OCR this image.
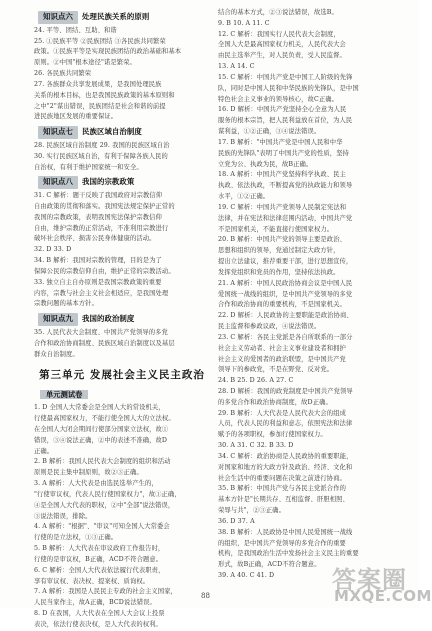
知识点六	处理民族关系的原则
24. 平等、团结、互助、和谐
25. ①民族平等 ②民族团结 ③各民族共同繁荣
政策。①民族平等是实现民族团结的政治基础和基本
原则。②中国"根本途径"诺是繁荣。
26. 各民族共同繁荣
27. 各族群众共享发展成果，是我国处理民族
关系的根本目标，也是我国民族政策的基本原则和
之中"2"谋出错误，民族团结是社会和谐的前提
进民族地区发展的重要保证。
知识点七	民族区域自治制度
28. 民族区域自治制度 29. 我国的民族区域自治
30. 实行民族区域自治，有利于保障各族人民的
自治权，有利于维护国家统一和安全。
知识点八	我国的宗教政策
31. C 解析：题干反映了我国政府对宗教信仰
自由政策的贯彻和落实。我国宪法规定保护正常的
我国的宗教政策，表明我国宪法保护宗教信仰
自由，维护宗教的正常活动，不准利用宗教进行
破坏社会秩序、损害公民身体健康的活动。
32. D 33. D
34. B 解析：我国对宗教的管理，目的是为了
保障公民的宗教信仰自由，维护正常的宗教活动。
33. 独立自主自办原则是我国宗教政策的重要
内容，宗教与社会主义社会相适应，是我国处理
宗教问题的基本方针。
知识点九	我国的政治制度
35. 人民代表大会制度、中国共产党领导的多党
合作和政治协商制度、民族区域自治制度以及基层
群众自治制度。
第三单元 发展社会主义民主政治
单元测试卷
1. D 全国人大常委会是全国人大的常设机关，
行使最高国家权力，不能行使全国人大的立法权。
在全国人大闭会期间行使部分国家立法权，故①
错误，③④说法正确，②中的表述不准确，故D
正确。
2. B 解析：我国人民代表大会制度的组织和活动
原则是民主集中制原则，故②③正确。
3. A 解析：人大代表是由选民选举产生的，
"行使审议权，代表人民行使国家权力"，故①正确，
④是全国人大代表的职权，②中"全部"说法错误，
③说法错误，排除。
4. A 解析："根据"、"审议"可知全国人大常委会
行使的是立法权，①③正确。
5. B 解析：人大代表在审议政府工作报告时，
行使的是审议权，B正确，ACD不符合题意。
6. C 解析：全国人大代表依法履行代表职责，
享有审议权、表决权、提案权、质询权。
7. A 解析：我国是人民民主专政的社会主义国家，
人民当家作主，故A正确，BCD说法错误。
8. D 在我国，人大代表在全国人大会议上投票
表决，依法行使表决权，是人大代表的权利。
结合的基本方式，②③说法错误，故选B。
9. B 10. A 11. C
12. C 解析：我国实行人民代表大会制度，
全国人大是最高国家权力机关，人民代表大会
由民主选举产生，对人民负责，受人民监督。
13. A 14. C
15. C 解析：中国共产党是中国工人阶级的先锋
队，同时是中国人民和中华民族的先锋队，是中国
特色社会主义事业的领导核心，故C正确。
16. D 解析：中国共产党坚持全心全意为人民
服务的根本宗旨，把人民利益放在首位，为人民
谋利益，①②正确，③④说法错误。
17. B 解析："中国共产党是中国人民和中华
民族的先锋队"表明了中国共产党的性质，坚持
立党为公、执政为民，故B正确。
18. A 解析：中国共产党坚持科学执政、民主
执政、依法执政，不断提高党的执政能力和领导
水平，①②正确。
19. C 解析：中国共产党领导人民制定宪法和
法律，并在宪法和法律范围内活动，中国共产党
不是国家机关，不能直接行使国家权力。
20. B 解析：中国共产党的领导主要是政治、
思想和组织的领导，党通过制定大政方针，
提出立法建议，推荐重要干部，进行思想宣传，
发挥党组织和党员的作用，坚持依法执政。
21. A 解析：中国人民政治协商会议是中国人民
爱国统一战线的组织，是中国共产党领导的多党
合作和政治协商的重要机构，不是国家机关。
22. D 解析：人民政协的主要职能是政治协商、
民主监督和参政议政，④说法错误。
23. C 解析：各民主党派是各自所联系的一部分
社会主义劳动者、社会主义事业建设者和拥护
社会主义的爱国者的政治联盟，是中国共产党
领导下的参政党，不是在野党、反对党。
24. B 25. D 26. A 27. C
28. D 解析：我国的政党制度是中国共产党领导
的多党合作和政治协商制度，故D正确。
29. B 解析：人大代表是人民代表大会的组成
人员，代表人民的利益和意志，依照宪法和法律
赋予的各项职权，参加行使国家权力。
30. A 31. C 32. B 33. D
34. C 解析：政治协商是人民政协的重要职能，
对国家和地方的大政方针及政治、经济、文化和
社会生活中的重要问题在决策之前进行协商。
35. B 解析：中国共产党与各民主党派合作的
基本方针是"长期共存、互相监督、肝胆相照、
荣辱与共"，②③正确。
36. D 37. A
38. B 解析：人民政协是中国人民爱国统一战线
的组织，是中国共产党领导的多党合作的重要
机构，是我国政治生活中发扬社会主义民主的重要
形式，故B正确，ACD不符合题意。
39. A 40. C 41. D
88
答案圈
MXQE.COM
